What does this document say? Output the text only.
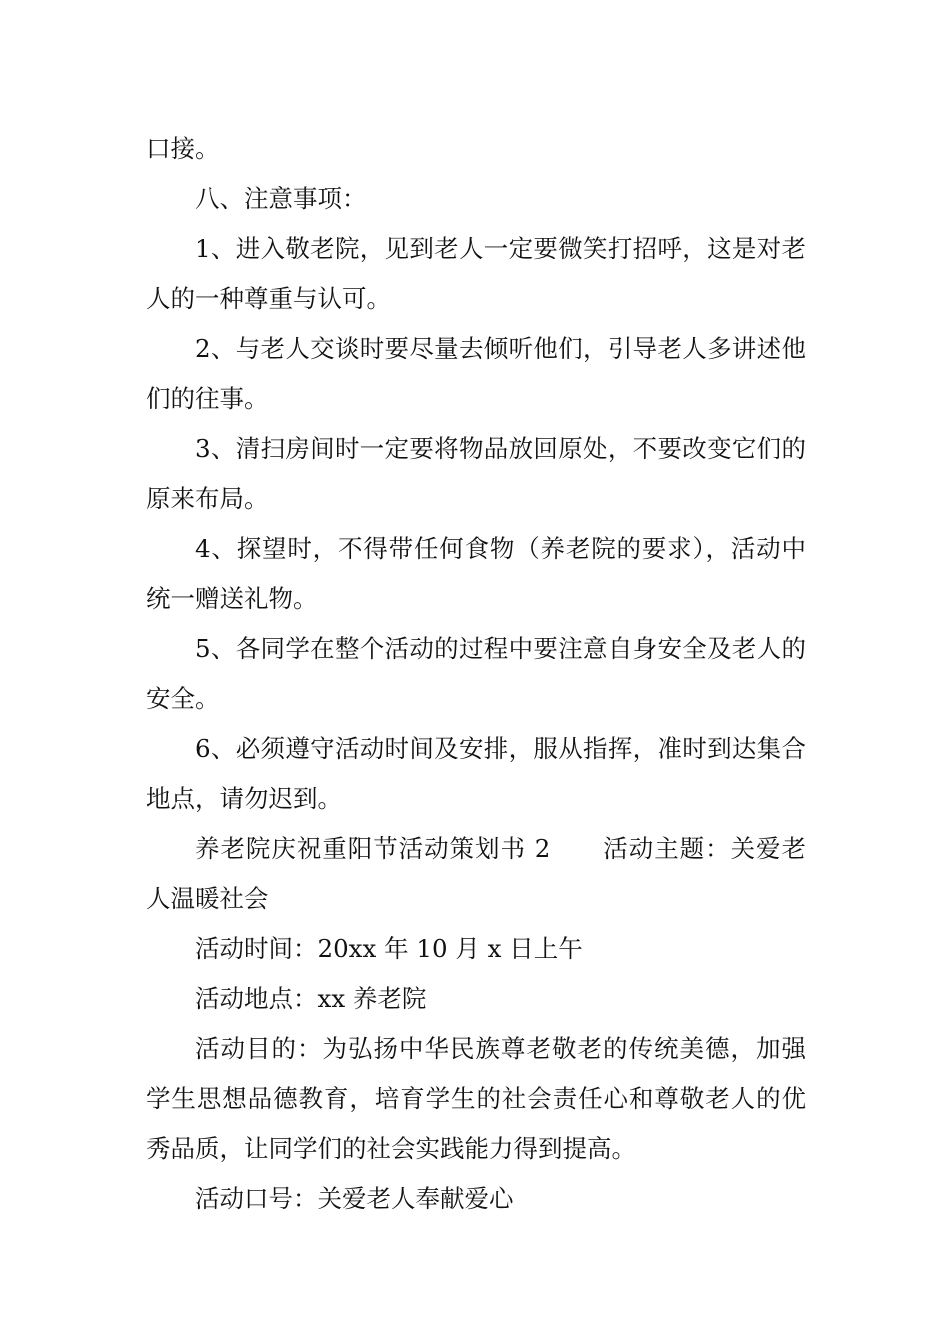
口接。

八、注意事项：

1、进入敬老院，见到老人一定要微笑打招呼，这是对老人的一种尊重与认可。

2、与老人交谈时要尽量去倾听他们，引导老人多讲述他们的往事。

3、清扫房间时一定要将物品放回原处，不要改变它们的原来布局。

4、探望时，不得带任何食物（养老院的要求），活动中统一赠送礼物。

5、各同学在整个活动的过程中要注意自身安全及老人的安全。

6、必须遵守活动时间及安排，服从指挥，准时到达集合地点，请勿迟到。

养老院庆祝重阳节活动策划书 2 活动主题：关爱老人温暖社会

活动时间：20xx 年 10 月 x 日上午

活动地点：xx 养老院

活动目的：为弘扬中华民族尊老敬老的传统美德，加强学生思想品德教育，培育学生的社会责任心和尊敬老人的优秀品质，让同学们的社会实践能力得到提高。

活动口号：关爱老人奉献爱心
